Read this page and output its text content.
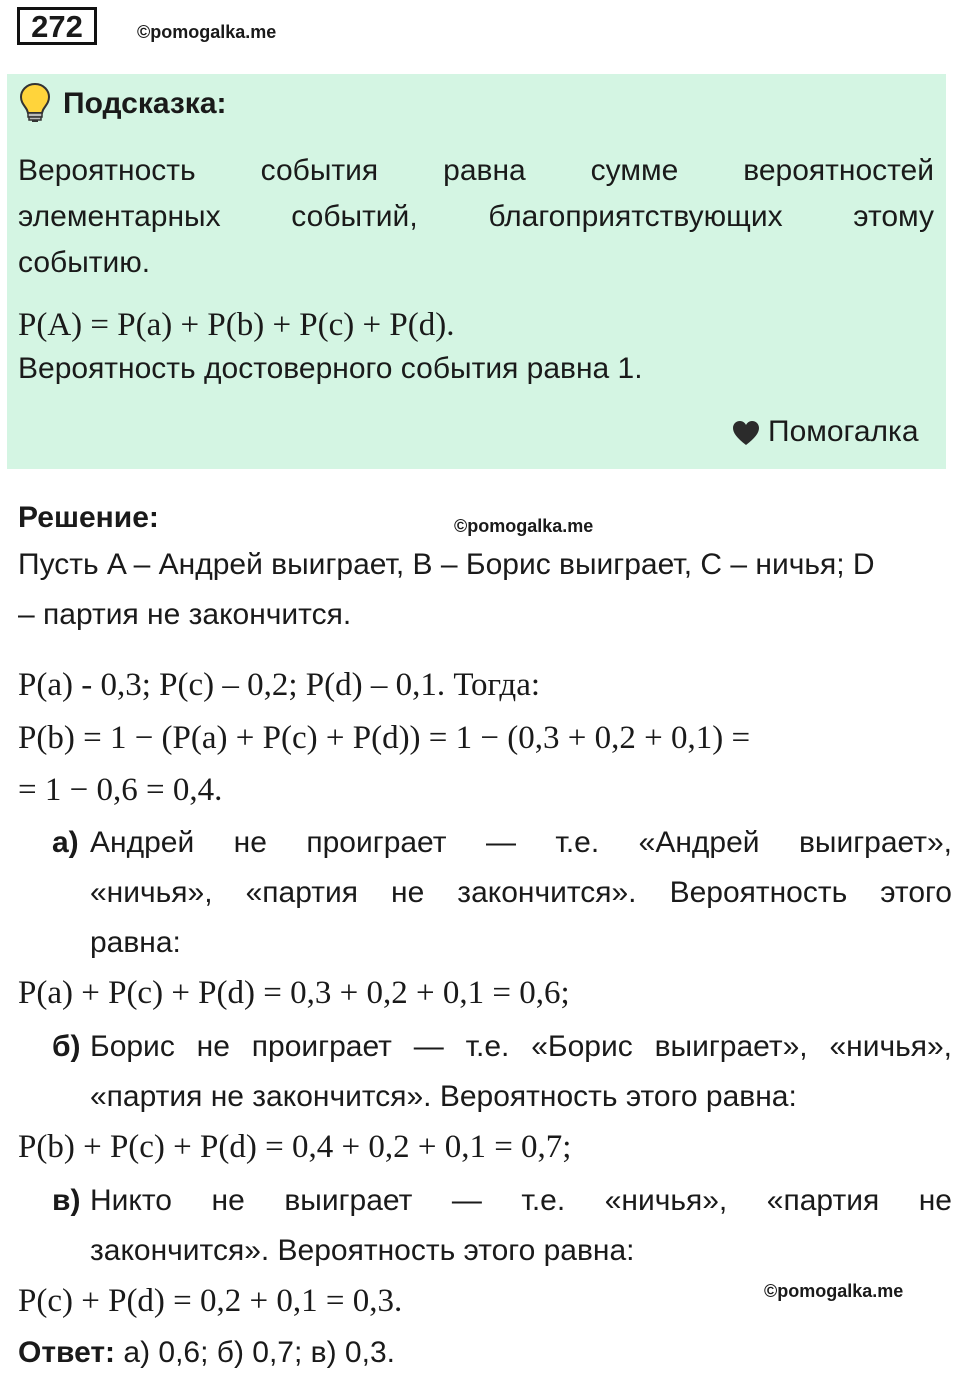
272	©pomogalka.me
Подсказка:
Вероятность события равна сумме вероятностей
элементарных событий, благоприятствующих этому
событию.
P(A) = P(a) + P(b) + P(c) + P(d).
Вероятность достоверного события равна 1.
Помогалка
Решение:	©pomogalka.me
Пусть A – Андрей выиграет, B – Борис выиграет, C – ничья; D
– партия не закончится.
P(a) - 0,3; P(c) – 0,2; P(d) – 0,1. Тогда:
P(b) = 1 − (P(a) + P(c) + P(d)) = 1 − (0,3 + 0,2 + 0,1) =
= 1 − 0,6 = 0,4.
а) Андрей не проиграет — т.е. «Андрей выиграет»,
«ничья», «партия не закончится». Вероятность этого
равна:
P(a) + P(c) + P(d) = 0,3 + 0,2 + 0,1 = 0,6;
б) Борис не проиграет — т.е. «Борис выиграет», «ничья»,
«партия не закончится». Вероятность этого равна:
P(b) + P(c) + P(d) = 0,4 + 0,2 + 0,1 = 0,7;
в) Никто не выиграет — т.е. «ничья», «партия не
закончится». Вероятность этого равна:
P(c) + P(d) = 0,2 + 0,1 = 0,3.	©pomogalka.me
Ответ: а) 0,6; б) 0,7; в) 0,3.
